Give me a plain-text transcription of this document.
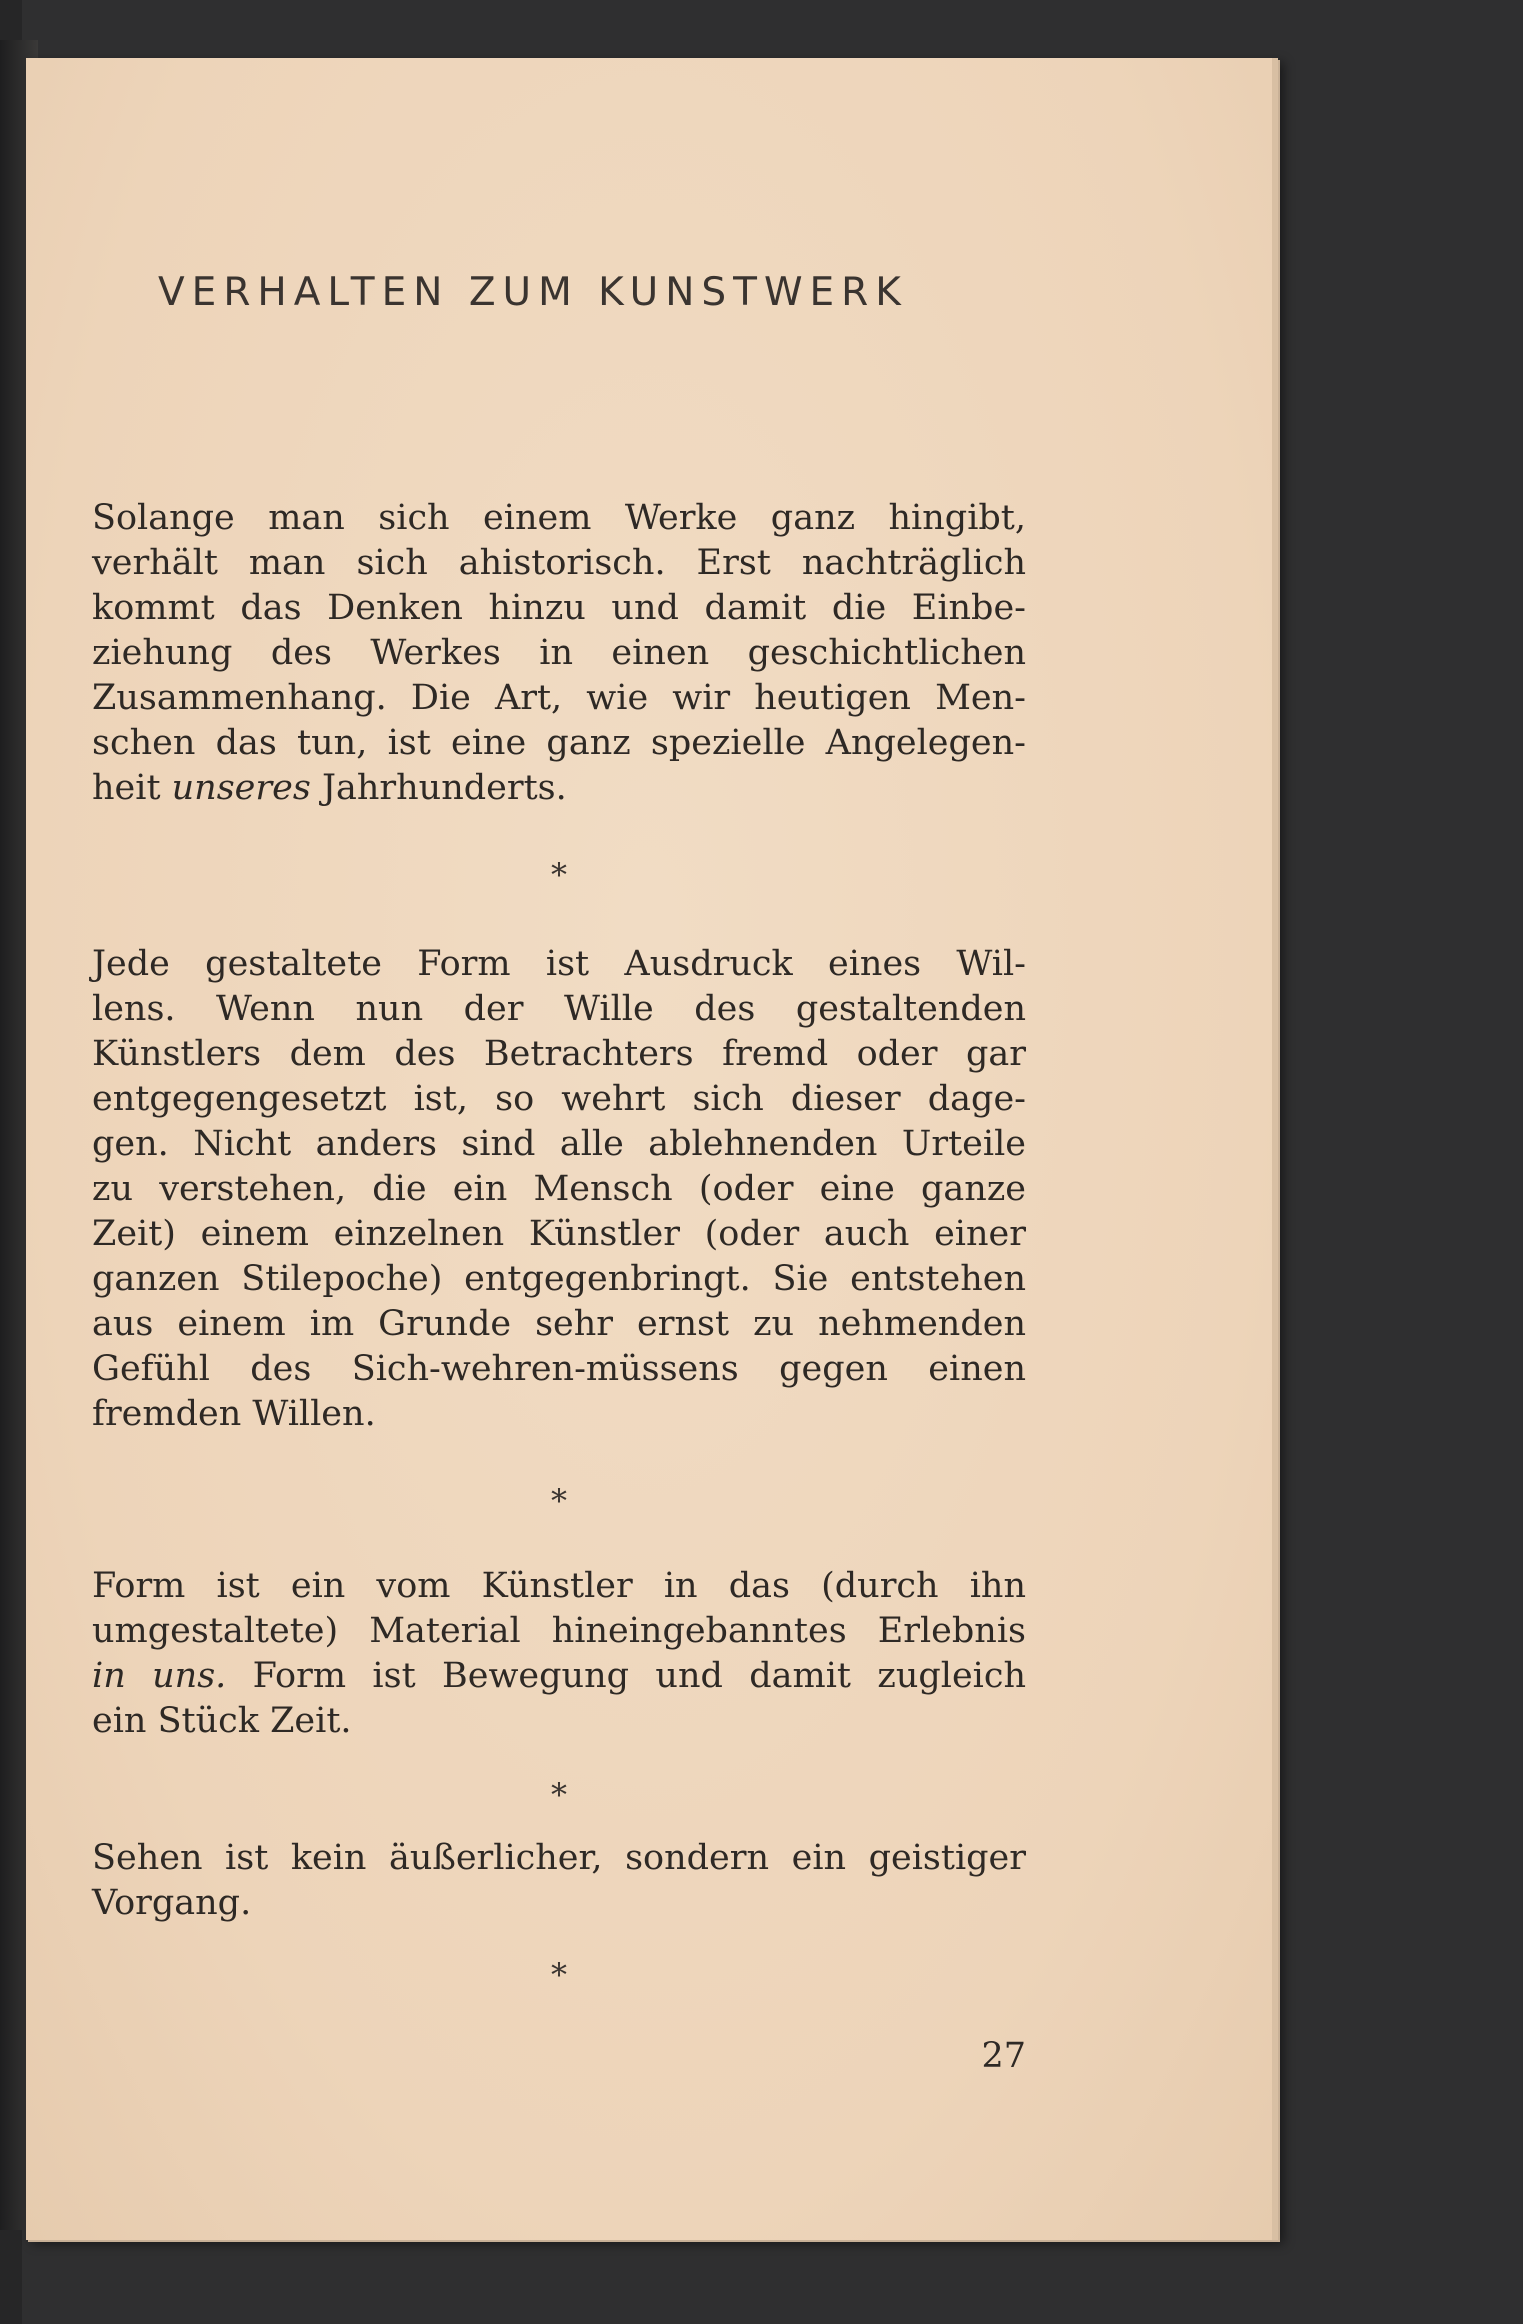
VERHALTEN ZUM KUNSTWERK
Solange man sich einem Werke ganz hingibt,
verhält man sich ahistorisch. Erst nachträglich
kommt das Denken hinzu und damit die Einbe-
ziehung des Werkes in einen geschichtlichen
Zusammenhang. Die Art, wie wir heutigen Men-
schen das tun, ist eine ganz spezielle Angelegen-
heit unseres Jahrhunderts.
*
Jede gestaltete Form ist Ausdruck eines Wil-
lens. Wenn nun der Wille des gestaltenden
Künstlers dem des Betrachters fremd oder gar
entgegengesetzt ist, so wehrt sich dieser dage-
gen. Nicht anders sind alle ablehnenden Urteile
zu verstehen, die ein Mensch (oder eine ganze
Zeit) einem einzelnen Künstler (oder auch einer
ganzen Stilepoche) entgegenbringt. Sie entstehen
aus einem im Grunde sehr ernst zu nehmenden
Gefühl des Sich-wehren-müssens gegen einen
fremden Willen.
*
Form ist ein vom Künstler in das (durch ihn
umgestaltete) Material hineingebanntes Erlebnis
in uns. Form ist Bewegung und damit zugleich
ein Stück Zeit.
*
Sehen ist kein äußerlicher, sondern ein geistiger
Vorgang.
*
27
